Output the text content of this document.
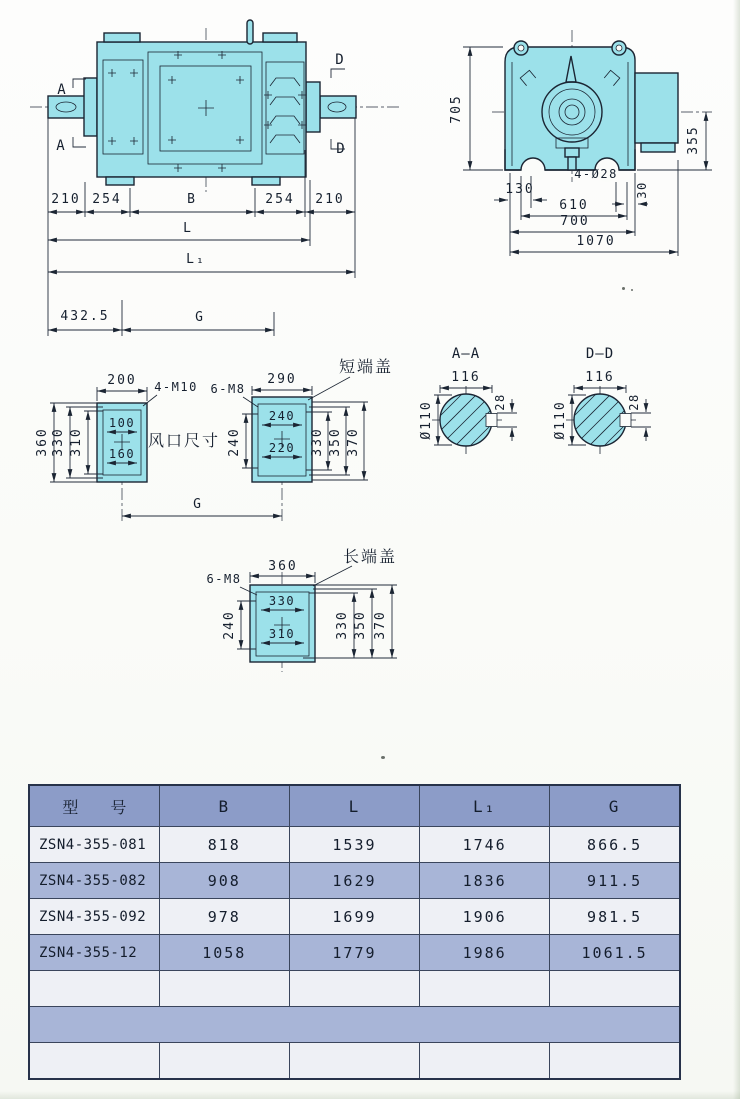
A
A
D
D
210 254	B	254 210
L
L₁
432.5	G
705
355
130
4-Ø28
30
610
700
1070
100
160
200 4-M10
360 330 310	风口尺寸
240
220
290
6-M8
短端盖
240	330 350 370
G
A—A
116
Ø110	28
D—D
116
Ø110	28
长端盖
360
6-M8
330
310
240	330 350 370
型　　号	B	L	L₁	G
ZSN4-355-081	818	1539	1746	866.5
ZSN4-355-082	908	1629	1836	911.5
ZSN4-355-092	978	1699	1906	981.5
ZSN4-355-12	1058	1779	1986	1061.5
